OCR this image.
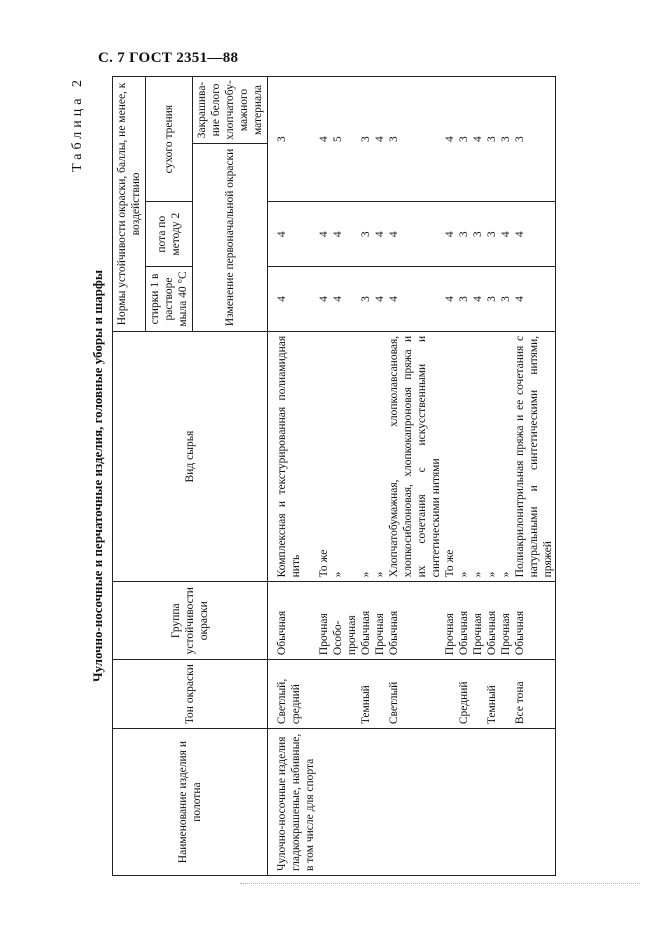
С. 7 ГОСТ 2351—88
Таблица 2
Чулочно-носочные и перчаточные изделия, головные уборы и шарфы
Наименование изделия и полотна	Тон окраски	Группа устойчивости окраски	Вид сырья	Нормы устойчивости окраски, баллы, не менее, к воздействию			
				стирки 1 в растворе мыла 40 °С	пота по методу 2	сухого трения	
				Изменение первоначальной окраски			Закрашивание белого хлопчатобумажного материала
Чулочно-носочные изделия гладкокрашеные, набивные, в том числе для спорта	Светлый, средний	Обычная	Комплексная и текстурированная полиамидная нить	4	4	3	
		Прочная	То же	4	4	4	
		Особопрочная	»	4	4	5	
	Темный	Обычная	»	3	3	3	
		Прочная	»	4	4	4	
	Светлый	Обычная	Хлопчатобумажная, хлопколавсановая, хлопкосиблоновая, хлопкокапроновая пряжа и их сочетания с искусственными и синтетическими нитями	4	4	3	
		Прочная	То же	4	4	4	
	Средний	Обычная	»	3	3	3	
		Прочная	»	4	3	4	
	Темный	Обычная	»	3	3	3	
		Прочная	»	3	4	3	
	Все тона	Обычная	Полиакрилонитрильная пряжа и ее сочетания с натуральными и синтетическими нитями, пряжей	4	4	3	
